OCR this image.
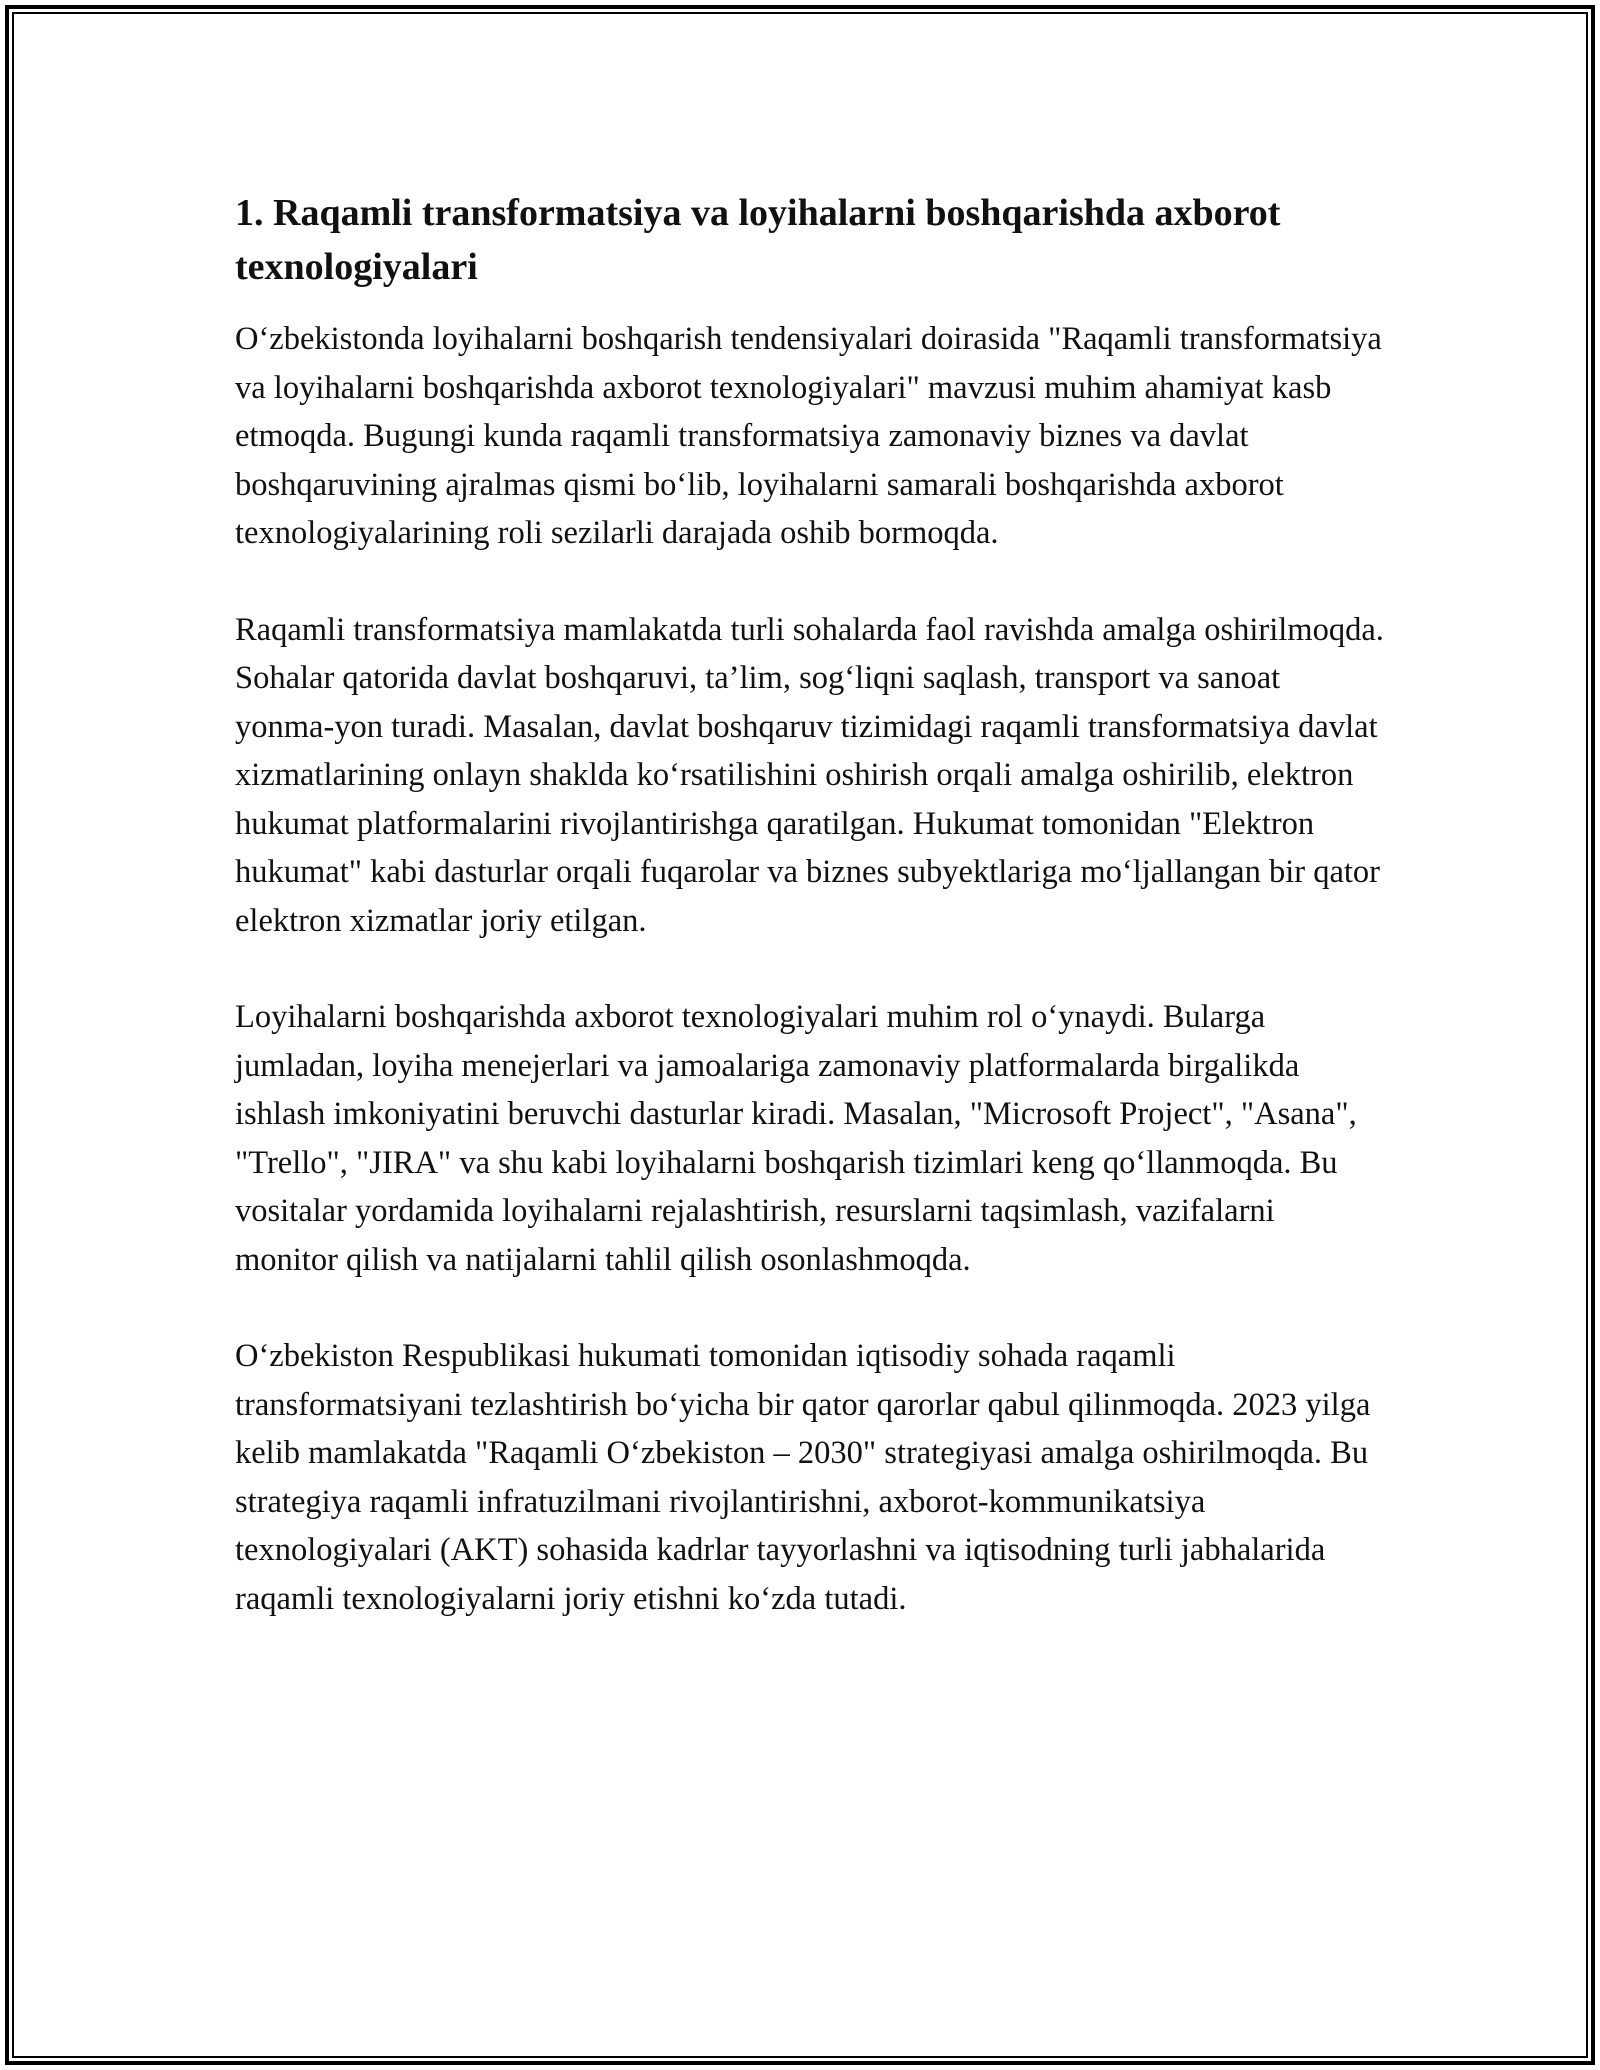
1. Raqamli transformatsiya va loyihalarni boshqarishda axborot texnologiyalari

O‘zbekistonda loyihalarni boshqarish tendensiyalari doirasida "Raqamli transformatsiya va loyihalarni boshqarishda axborot texnologiyalari" mavzusi muhim ahamiyat kasb etmoqda. Bugungi kunda raqamli transformatsiya zamonaviy biznes va davlat boshqaruvining ajralmas qismi bo‘lib, loyihalarni samarali boshqarishda axborot texnologiyalarining roli sezilarli darajada oshib bormoqda.

Raqamli transformatsiya mamlakatda turli sohalarda faol ravishda amalga oshirilmoqda. Sohalar qatorida davlat boshqaruvi, ta’lim, sog‘liqni saqlash, transport va sanoat yonma-yon turadi. Masalan, davlat boshqaruv tizimidagi raqamli transformatsiya davlat xizmatlarining onlayn shaklda ko‘rsatilishini oshirish orqali amalga oshirilib, elektron hukumat platformalarini rivojlantirishga qaratilgan. Hukumat tomonidan "Elektron hukumat" kabi dasturlar orqali fuqarolar va biznes subyektlariga mo‘ljallangan bir qator elektron xizmatlar joriy etilgan.

Loyihalarni boshqarishda axborot texnologiyalari muhim rol o‘ynaydi. Bularga jumladan, loyiha menejerlari va jamoalariga zamonaviy platformalarda birgalikda ishlash imkoniyatini beruvchi dasturlar kiradi. Masalan, "Microsoft Project", "Asana", "Trello", "JIRA" va shu kabi loyihalarni boshqarish tizimlari keng qo‘llanmoqda. Bu vositalar yordamida loyihalarni rejalashtirish, resurslarni taqsimlash, vazifalarni monitor qilish va natijalarni tahlil qilish osonlashmoqda.

O‘zbekiston Respublikasi hukumati tomonidan iqtisodiy sohada raqamli transformatsiyani tezlashtirish bo‘yicha bir qator qarorlar qabul qilinmoqda. 2023 yilga kelib mamlakatda "Raqamli O‘zbekiston – 2030" strategiyasi amalga oshirilmoqda. Bu strategiya raqamli infratuzilmani rivojlantirishni, axborot-kommunikatsiya texnologiyalari (AKT) sohasida kadrlar tayyorlashni va iqtisodning turli jabhalarida raqamli texnologiyalarni joriy etishni ko‘zda tutadi.
